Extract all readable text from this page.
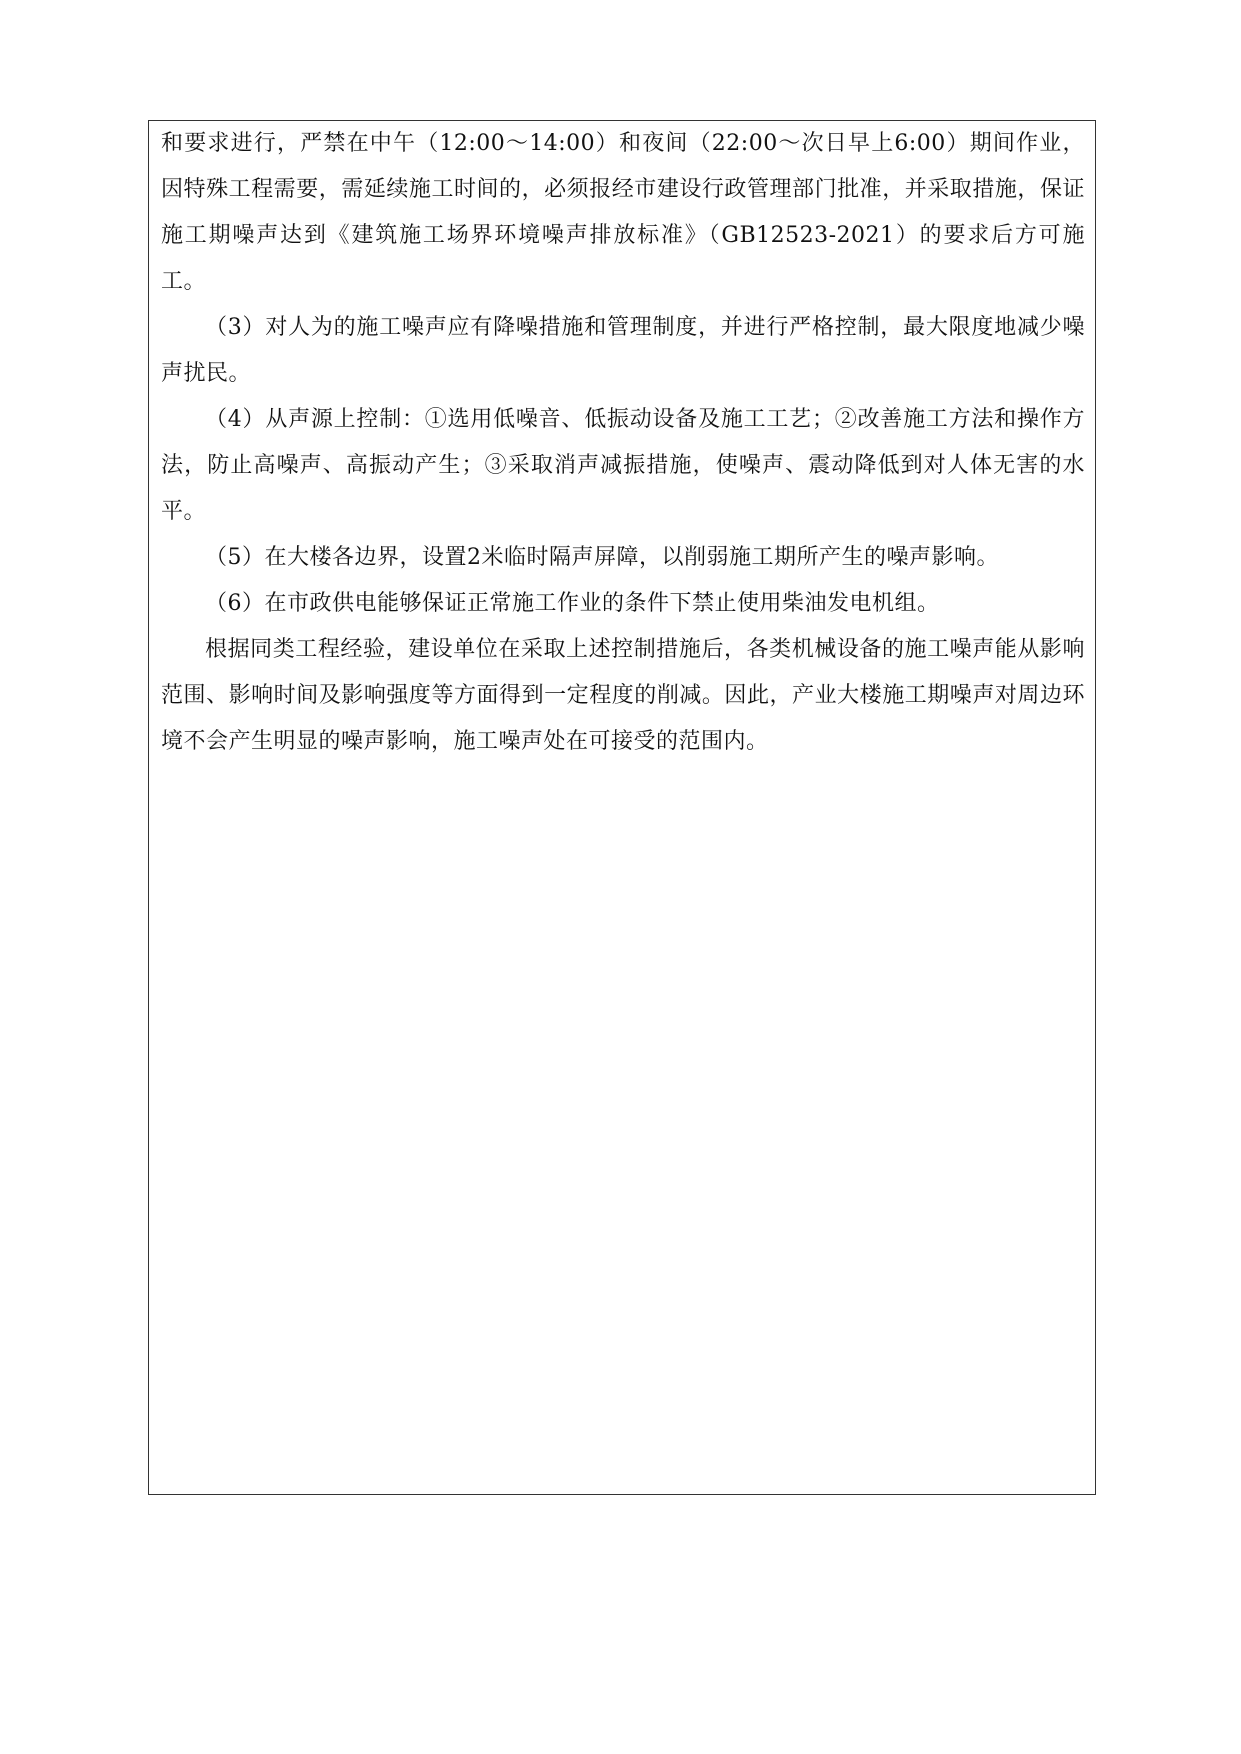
和要求进行，严禁在中午（12:00～14:00）和夜间（22:00～次日早上6:00）期间作业，因特殊工程需要，需延续施工时间的，必须报经市建设行政管理部门批准，并采取措施，保证施工期噪声达到《建筑施工场界环境噪声排放标准》（GB12523-2021）的要求后方可施工。

（3）对人为的施工噪声应有降噪措施和管理制度，并进行严格控制，最大限度地减少噪声扰民。

（4）从声源上控制：①选用低噪音、低振动设备及施工工艺；②改善施工方法和操作方法，防止高噪声、高振动产生；③采取消声减振措施，使噪声、震动降低到对人体无害的水平。

（5）在大楼各边界，设置2米临时隔声屏障，以削弱施工期所产生的噪声影响。

（6）在市政供电能够保证正常施工作业的条件下禁止使用柴油发电机组。

根据同类工程经验，建设单位在采取上述控制措施后，各类机械设备的施工噪声能从影响范围、影响时间及影响强度等方面得到一定程度的削减。因此，产业大楼施工期噪声对周边环境不会产生明显的噪声影响，施工噪声处在可接受的范围内。
